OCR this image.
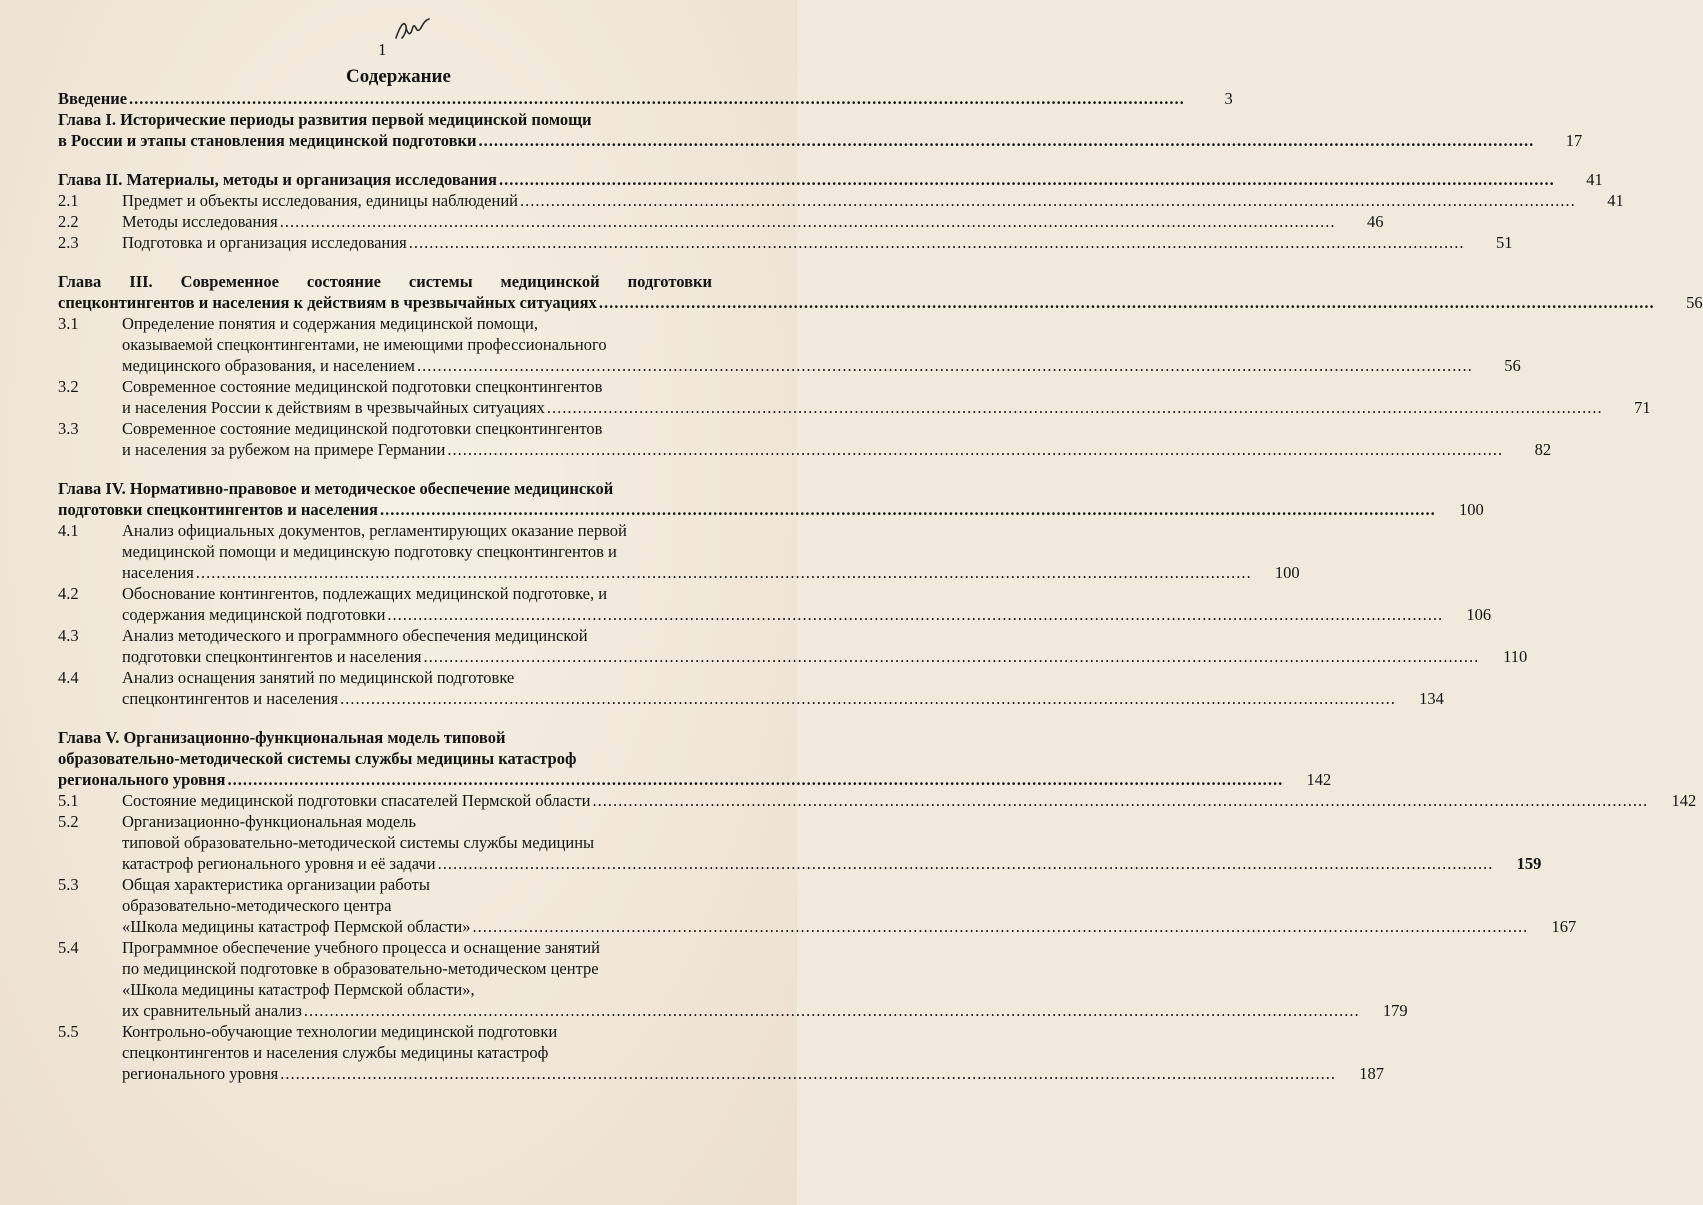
1
Содержание
Введение .....	3
Глава I. Исторические периоды развития первой медицинской помощи
в России и этапы становления медицинской подготовки .....	17
Глава II. Материалы, методы и организация исследования .....	41
2.1	Предмет и объекты исследования, единицы наблюдений .....	41
2.2	Методы исследования .....	46
2.3	Подготовка и организация исследования .....	51
Глава III. Современное состояние системы медицинской подготовки
спецконтингентов и населения к действиям в чрезвычайных ситуациях .....	56
3.1	Определение понятия и содержания медицинской помощи,
оказываемой спецконтингентами, не имеющими профессионального
медицинского образования, и населением .....	56
3.2	Современное состояние медицинской подготовки спецконтингентов
и населения России к действиям в чрезвычайных ситуациях .....	71
3.3	Современное состояние медицинской подготовки спецконтингентов
и населения за рубежом на примере Германии .....	82
Глава IV. Нормативно-правовое и методическое обеспечение медицинской
подготовки спецконтингентов и населения .....	100
4.1	Анализ официальных документов, регламентирующих оказание первой
медицинской помощи и медицинскую подготовку спецконтингентов и
населения .....	100
4.2	Обоснование контингентов, подлежащих медицинской подготовке, и
содержания медицинской подготовки .....	106
4.3	Анализ методического и программного обеспечения медицинской
подготовки спецконтингентов и населения .....	110
4.4	Анализ оснащения занятий по медицинской подготовке
спецконтингентов и населения .....	134
Глава V. Организационно-функциональная модель типовой
образовательно-методической системы службы медицины катастроф
регионального уровня .....	142
5.1	Состояние медицинской подготовки спасателей Пермской области .....	142
5.2	Организационно-функциональная модель
типовой образовательно-методической системы службы медицины
катастроф регионального уровня и её задачи .....	159
5.3	Общая характеристика организации работы
образовательно-методического центра
«Школа медицины катастроф Пермской области» .....	167
5.4	Программное обеспечение учебного процесса и оснащение занятий
по медицинской подготовке в образовательно-методическом центре
«Школа медицины катастроф Пермской области»,
их сравнительный анализ .....	179
5.5	Контрольно-обучающие технологии медицинской подготовки
спецконтингентов и населения службы медицины катастроф
регионального уровня .....	187
